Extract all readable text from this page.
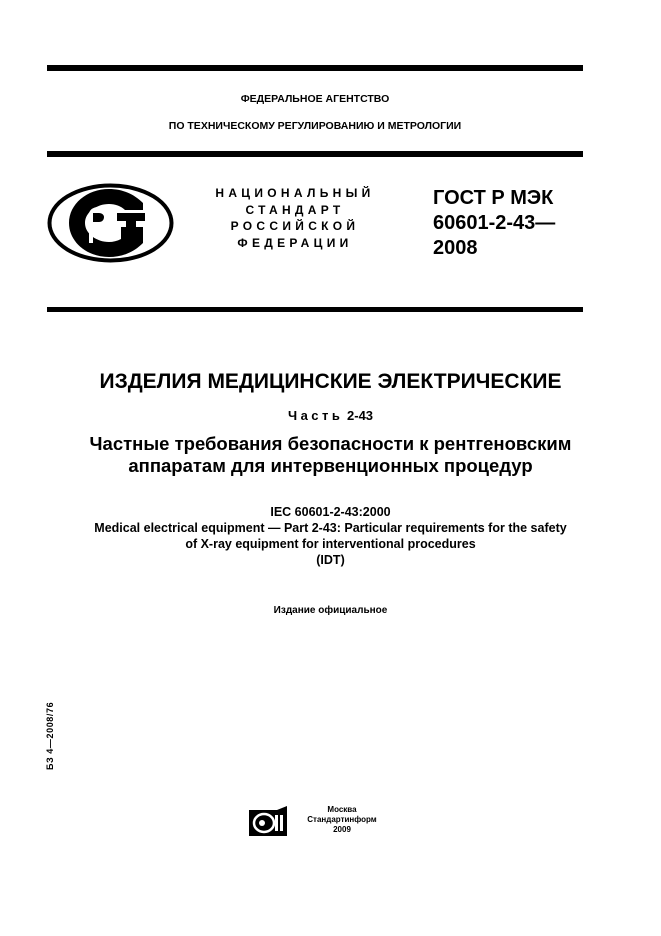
ФЕДЕРАЛЬНОЕ АГЕНТСТВО
ПО ТЕХНИЧЕСКОМУ РЕГУЛИРОВАНИЮ И МЕТРОЛОГИИ
НАЦИОНАЛЬНЫЙ
СТАНДАРТ
РОССИЙСКОЙ
ФЕДЕРАЦИИ
ГОСТ Р МЭК
60601-2-43—
2008
ИЗДЕЛИЯ МЕДИЦИНСКИЕ ЭЛЕКТРИЧЕСКИЕ
Часть 2-43
Частные требования безопасности к рентгеновским
аппаратам для интервенционных процедур
IEC 60601-2-43:2000
Medical electrical equipment — Part 2-43: Particular requirements for the safety
of X-ray equipment for interventional procedures
(IDT)
Издание официальное
БЗ 4—2008/76
Москва
Стандартинформ
2009
